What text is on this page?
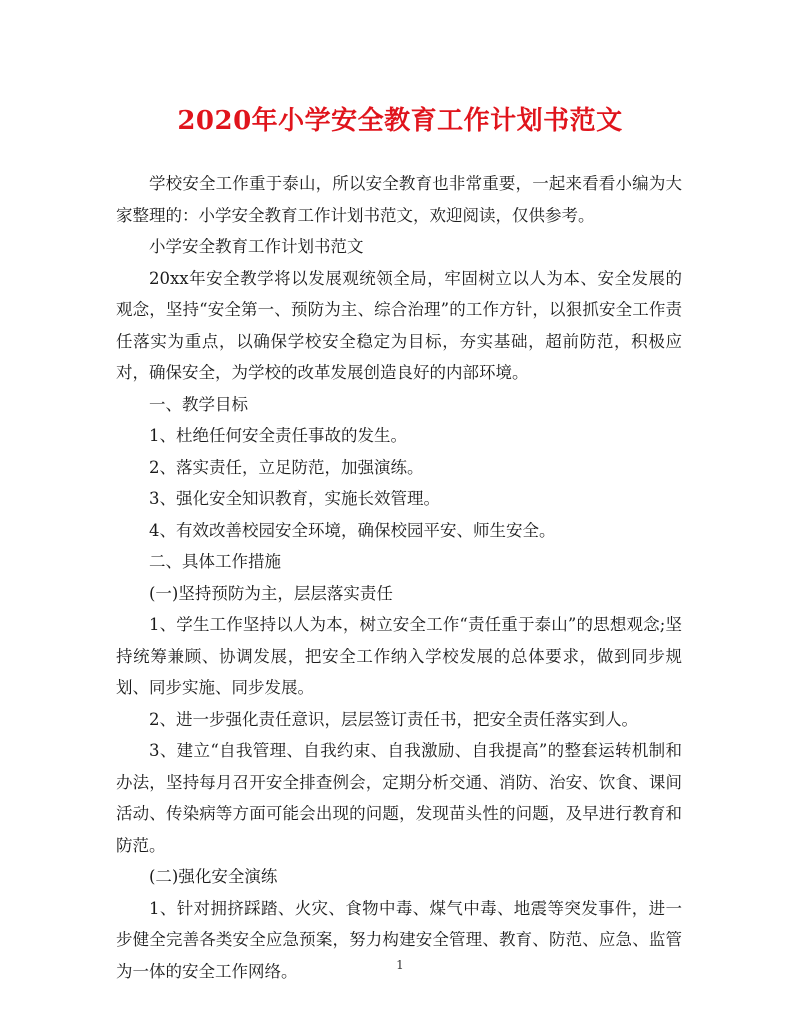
2020年小学安全教育工作计划书范文

学校安全工作重于泰山，所以安全教育也非常重要，一起来看看小编为大家整理的：小学安全教育工作计划书范文，欢迎阅读，仅供参考。

小学安全教育工作计划书范文

20xx年安全教学将以发展观统领全局，牢固树立以人为本、安全发展的观念，坚持“安全第一、预防为主、综合治理”的工作方针，以狠抓安全工作责任落实为重点，以确保学校安全稳定为目标，夯实基础，超前防范，积极应对，确保安全，为学校的改革发展创造良好的内部环境。

一、教学目标

1、杜绝任何安全责任事故的发生。

2、落实责任，立足防范，加强演练。

3、强化安全知识教育，实施长效管理。

4、有效改善校园安全环境，确保校园平安、师生安全。

二、具体工作措施

(一)坚持预防为主，层层落实责任

1、学生工作坚持以人为本，树立安全工作“责任重于泰山”的思想观念;坚持统筹兼顾、协调发展，把安全工作纳入学校发展的总体要求，做到同步规划、同步实施、同步发展。

2、进一步强化责任意识，层层签订责任书，把安全责任落实到人。

3、建立“自我管理、自我约束、自我激励、自我提高”的整套运转机制和办法，坚持每月召开安全排查例会，定期分析交通、消防、治安、饮食、课间活动、传染病等方面可能会出现的问题，发现苗头性的问题，及早进行教育和防范。

(二)强化安全演练

1、针对拥挤踩踏、火灾、食物中毒、煤气中毒、地震等突发事件，进一步健全完善各类安全应急预案，努力构建安全管理、教育、防范、应急、监管为一体的安全工作网络。	1
